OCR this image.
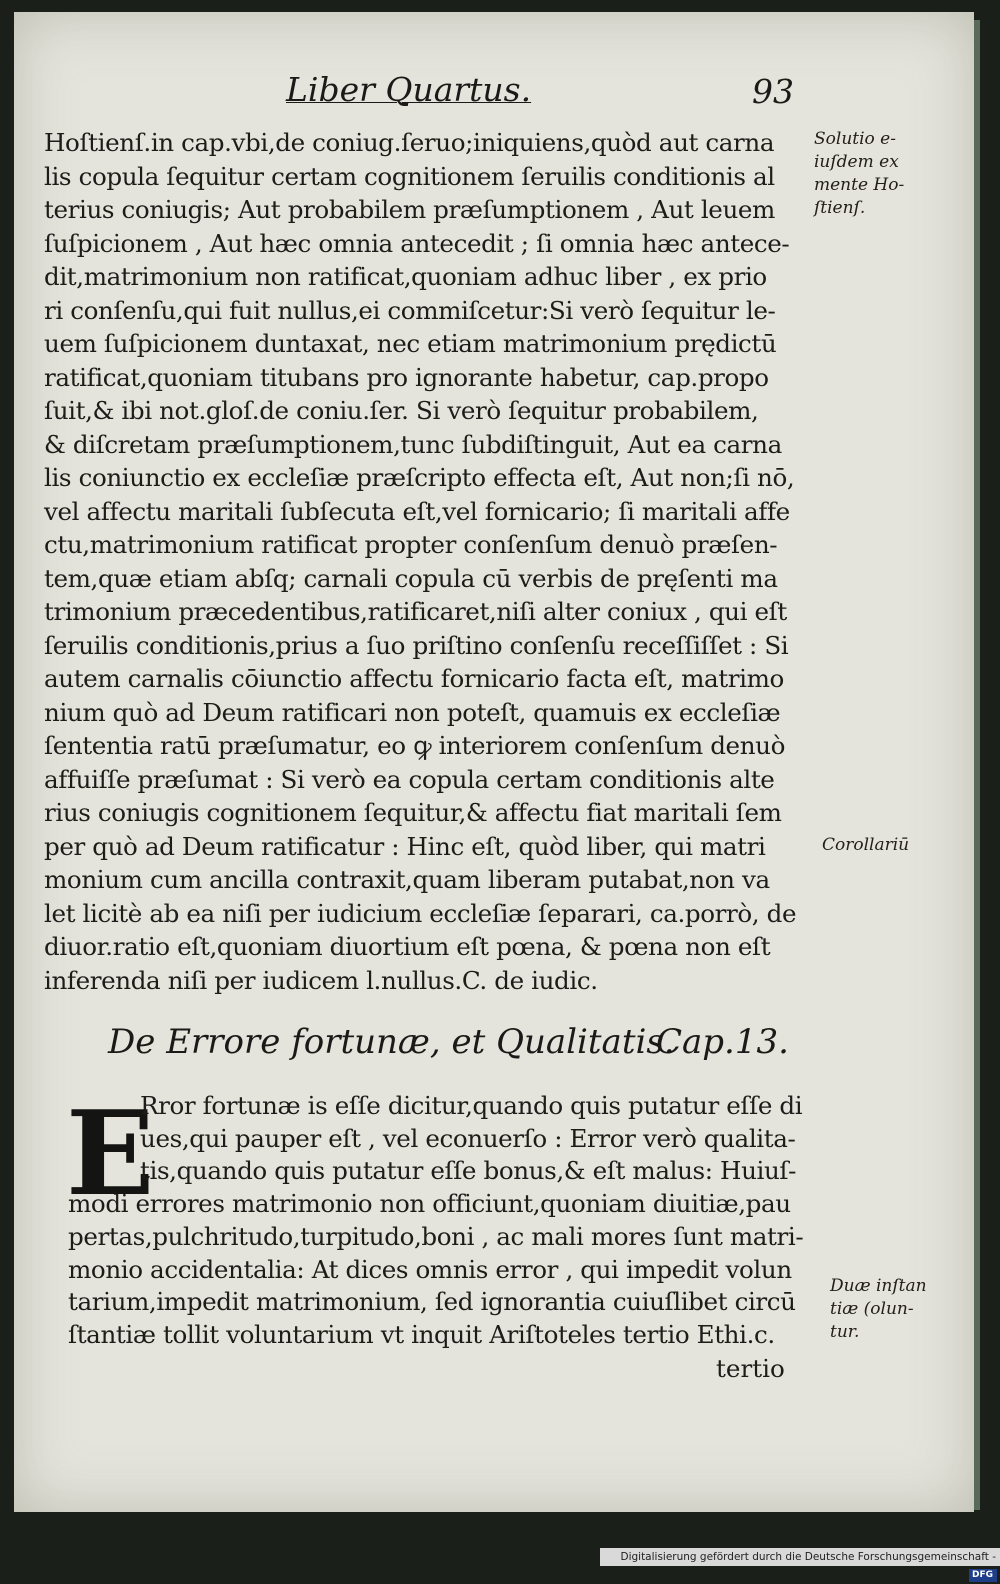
Liber Quartus.	93
Hoſtienſ.in cap.vbi,de coniug.ſeruo;iniquiens,quòd aut carna
lis copula ſequitur certam cognitionem ſeruilis conditionis al
terius coniugis; Aut probabilem præſumptionem , Aut leuem
ſuſpicionem , Aut hæc omnia antecedit ; ſi omnia hæc antece-
dit,matrimonium non ratificat,quoniam adhuc liber , ex prio
ri conſenſu,qui fuit nullus,ei commiſcetur:Si verò ſequitur le-
uem ſuſpicionem duntaxat, nec etiam matrimonium prędictū
ratificat,quoniam titubans pro ignorante habetur, cap.propo
ſuit,& ibi not.gloſ.de coniu.ſer. Si verò ſequitur probabilem,
& diſcretam præſumptionem,tunc ſubdiſtinguit, Aut ea carna
lis coniunctio ex eccleſiæ præſcripto effecta eſt, Aut non;ſi nō,
vel affectu maritali ſubſecuta eſt,vel fornicario; ſi maritali affe
ctu,matrimonium ratificat propter conſenſum denuò præſen-
tem,quæ etiam abſq; carnali copula cū verbis de pręſenti ma
trimonium præcedentibus,ratificaret,niſi alter coniux , qui eſt
ſeruilis conditionis,prius a ſuo priſtino conſenſu receſſiſſet : Si
autem carnalis cōiunctio affectu fornicario facta eſt, matrimo
nium quò ad Deum ratificari non poteſt, quamuis ex eccleſiæ
ſententia ratū præſumatur, eo ꝙ interiorem conſenſum denuò
affuiſſe præſumat : Si verò ea copula certam conditionis alte
rius coniugis cognitionem ſequitur,& affectu fiat maritali ſem
per quò ad Deum ratificatur : Hinc eſt, quòd liber, qui matri
monium cum ancilla contraxit,quam liberam putabat,non va
let licitè ab ea niſi per iudicium eccleſiæ ſeparari, ca.porrò, de
diuor.ratio eſt,quoniam diuortium eſt pœna, & pœna non eſt
inferenda niſi per iudicem l.nullus.C. de iudic.
De Errore fortunæ, et Qualitatis.
Cap.13.
E
Rror fortunæ is eſſe dicitur,quando quis putatur eſſe di
ues,qui pauper eſt , vel econuerſo : Error verò qualita-
tis,quando quis putatur eſſe bonus,& eſt malus: Huiuſ-
modi errores matrimonio non officiunt,quoniam diuitiæ,pau
pertas,pulchritudo,turpitudo,boni , ac mali mores ſunt matri-
monio accidentalia: At dices omnis error , qui impedit volun
tarium,impedit matrimonium, ſed ignorantia cuiuſlibet circū
ſtantiæ tollit voluntarium vt inquit Ariſtoteles tertio Ethi.c.
tertio
Solutio e-
iuſdem ex
mente Ho-
ſtienſ.
Corollariū
Duæ inſtan
tiæ (olun-
tur.
Digitalisierung gefördert durch die Deutsche Forschungsgemeinschaft -DFG
